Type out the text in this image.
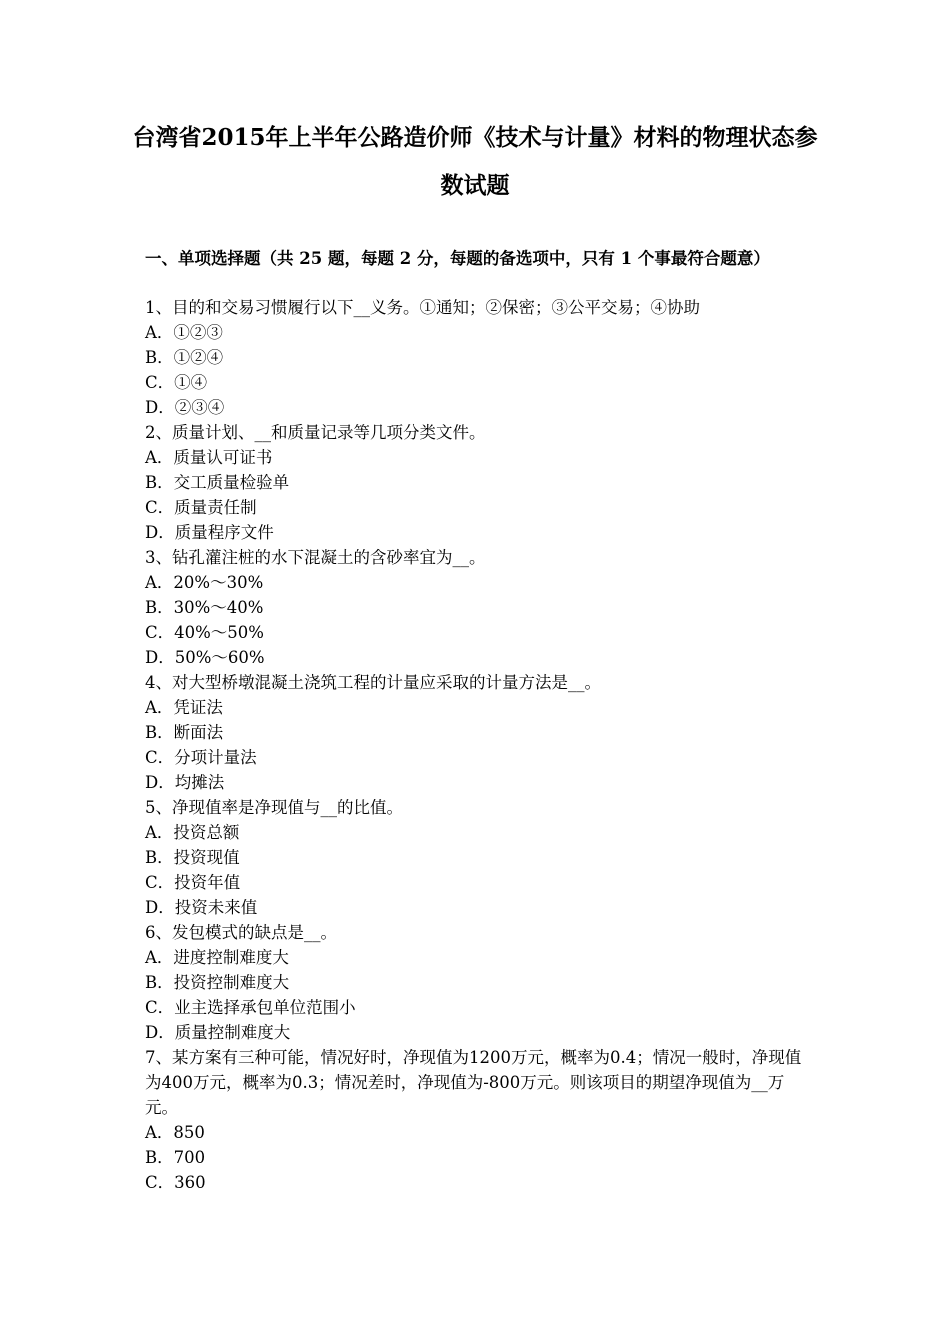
台湾省2015年上半年公路造价师《技术与计量》材料的物理状态参数试题
一、单项选择题（共 25 题，每题 2 分，每题的备选项中，只有 1 个事最符合题意）
1、目的和交易习惯履行以下__义务。①通知；②保密；③公平交易；④协助
A．①②③
B．①②④
C．①④
D．②③④
2、质量计划、__和质量记录等几项分类文件。
A．质量认可证书
B．交工质量检验单
C．质量责任制
D．质量程序文件
3、钻孔灌注桩的水下混凝土的含砂率宜为__。
A．20%～30%
B．30%～40%
C．40%～50%
D．50%～60%
4、对大型桥墩混凝土浇筑工程的计量应采取的计量方法是__。
A．凭证法
B．断面法
C．分项计量法
D．均摊法
5、净现值率是净现值与__的比值。
A．投资总额
B．投资现值
C．投资年值
D．投资未来值
6、发包模式的缺点是__。
A．进度控制难度大
B．投资控制难度大
C．业主选择承包单位范围小
D．质量控制难度大
7、某方案有三种可能，情况好时，净现值为1200万元，概率为0.4；情况一般时，净现值为400万元，概率为0.3；情况差时，净现值为-800万元。则该项目的期望净现值为__万元。
A．850
B．700
C．360
